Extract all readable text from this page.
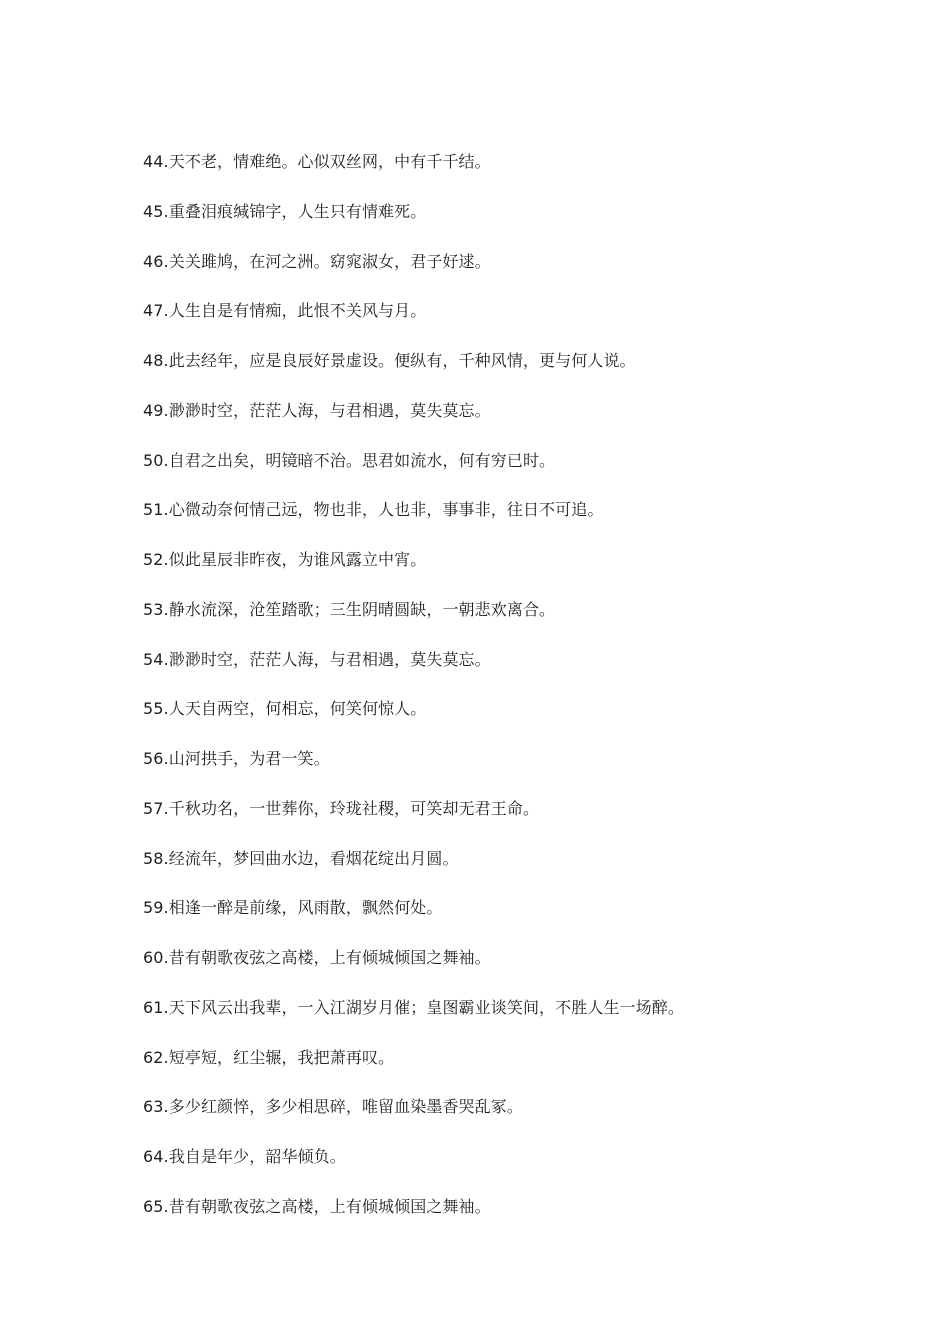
44.天不老，情难绝。心似双丝网，中有千千结。
45.重叠泪痕缄锦字，人生只有情难死。
46.关关雎鸠，在河之洲。窈窕淑女，君子好逑。
47.人生自是有情痴，此恨不关风与月。
48.此去经年，应是良辰好景虚设。便纵有，千种风情，更与何人说。
49.渺渺时空，茫茫人海，与君相遇，莫失莫忘。
50.自君之出矣，明镜暗不治。思君如流水，何有穷已时。
51.心微动奈何情己远，物也非，人也非，事事非，往日不可追。
52.似此星辰非昨夜，为谁风露立中宵。
53.静水流深，沧笙踏歌；三生阴晴圆缺，一朝悲欢离合。
54.渺渺时空，茫茫人海，与君相遇，莫失莫忘。
55.人天自两空，何相忘，何笑何惊人。
56.山河拱手，为君一笑。
57.千秋功名，一世葬你，玲珑社稷，可笑却无君王命。
58.经流年，梦回曲水边，看烟花绽出月圆。
59.相逢一醉是前缘，风雨散，飘然何处。
60.昔有朝歌夜弦之高楼，上有倾城倾国之舞袖。
61.天下风云出我辈，一入江湖岁月催；皇图霸业谈笑间，不胜人生一场醉。
62.短亭短，红尘辗，我把萧再叹。
63.多少红颜悴，多少相思碎，唯留血染墨香哭乱冢。
64.我自是年少，韶华倾负。
65.昔有朝歌夜弦之高楼，上有倾城倾国之舞袖。
